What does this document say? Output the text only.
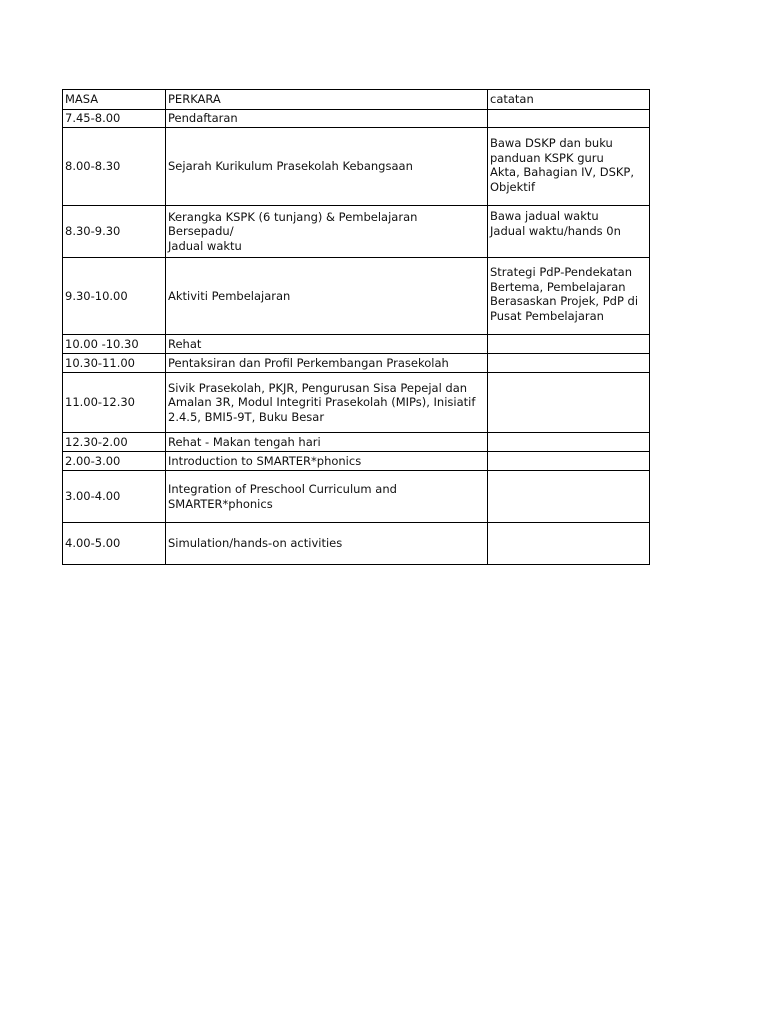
MASA	PERKARA	catatan
7.45-8.00	Pendaftaran	

8.00-8.30	Sejarah Kurikulum Prasekolah Kebangsaan	Bawa DSKP dan buku
panduan KSPK guru
Akta, Bahagian IV, DSKP,
Objektif

8.30-9.30	Kerangka KSPK (6 tunjang) & Pembelajaran Bersepadu/
Jadual waktu	Bawa jadual waktu
Jadual waktu/hands 0n

9.30-10.00	Aktiviti Pembelajaran	Strategi PdP-Pendekatan
Bertema, Pembelajaran
Berasaskan Projek, PdP di
Pusat Pembelajaran

10.00 -10.30	Rehat	

10.30-11.00	Pentaksiran dan Profil Perkembangan Prasekolah	

11.00-12.30	Sivik Prasekolah, PKJR, Pengurusan Sisa Pepejal dan
Amalan 3R, Modul Integriti Prasekolah (MIPs), Inisiatif
2.4.5, BMI5-9T, Buku Besar	

12.30-2.00	Rehat - Makan tengah hari	

2.00-3.00	Introduction to SMARTER*phonics	

3.00-4.00	Integration of Preschool Curriculum and
SMARTER*phonics	

4.00-5.00	Simulation/hands-on activities	
